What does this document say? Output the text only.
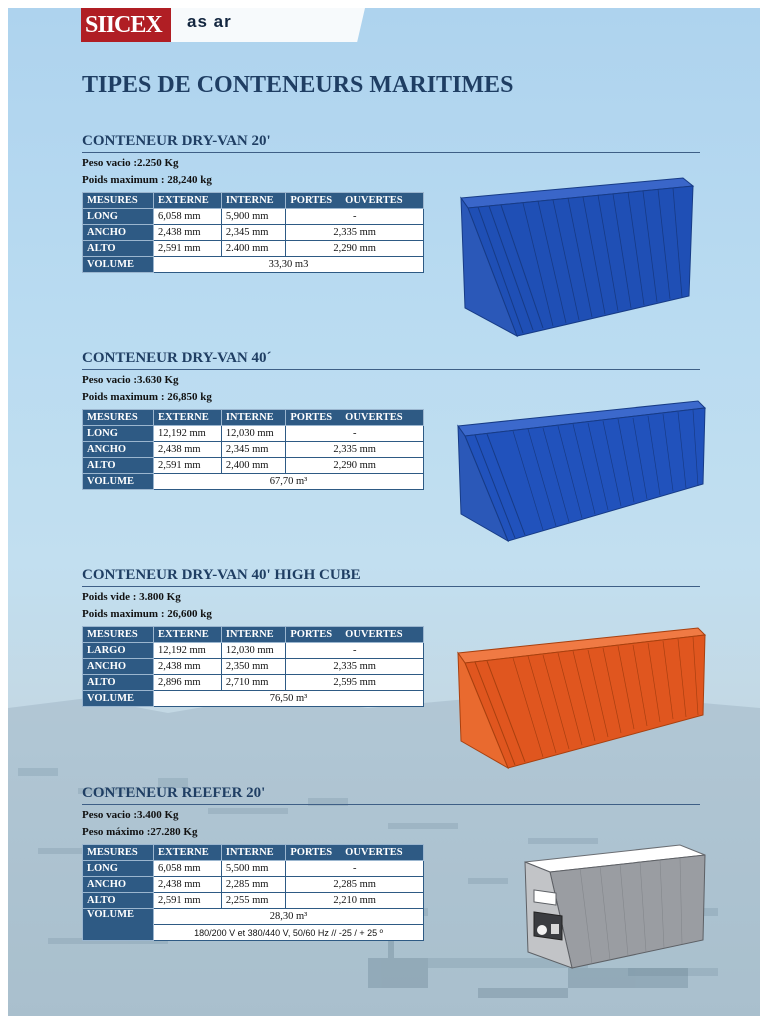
SIICEX	as ar
TIPES DE CONTENEURS MARITIMES
CONTENEUR DRY-VAN 20'
Peso vacio :2.250 Kg
Poids maximum : 28,240 kg
MESURES	EXTERNE	INTERNE	PORTES OUVERTES
LONG	6,058 mm	5,900 mm	-
ANCHO	2,438 mm	2,345 mm	2,335 mm
ALTO	2,591 mm	2.400 mm	2,290 mm
VOLUME	33,30 m3		
CONTENEUR DRY-VAN 40´
Peso vacio :3.630 Kg
Poids maximum : 26,850 kg
MESURES	EXTERNE	INTERNE	PORTES OUVERTES
LONG	12,192 mm	12,030 mm	-
ANCHO	2,438 mm	2,345 mm	2,335 mm
ALTO	2,591 mm	2,400 mm	2,290 mm
VOLUME	67,70 m³		
CONTENEUR DRY-VAN 40' HIGH CUBE
Poids vide : 3.800 Kg
Poids maximum : 26,600 kg
MESURES	EXTERNE	INTERNE	PORTES OUVERTES
LARGO	12,192 mm	12,030 mm	-
ANCHO	2,438 mm	2,350 mm	2,335 mm
ALTO	2,896 mm	2,710 mm	2,595 mm
VOLUME	76,50 m³		
CONTENEUR REEFER 20'
Peso vacio :3.400 Kg
Peso máximo :27.280 Kg
MESURES	EXTERNE	INTERNE	PORTES OUVERTES
LONG	6,058 mm	5,500 mm	-
ANCHO	2,438 mm	2,285 mm	2,285 mm
ALTO	2,591 mm	2,255 mm	2,210 mm
VOLUME	28,30 m³		
	180/200 V et 380/440 V, 50/60 Hz // -25 / + 25 º		
